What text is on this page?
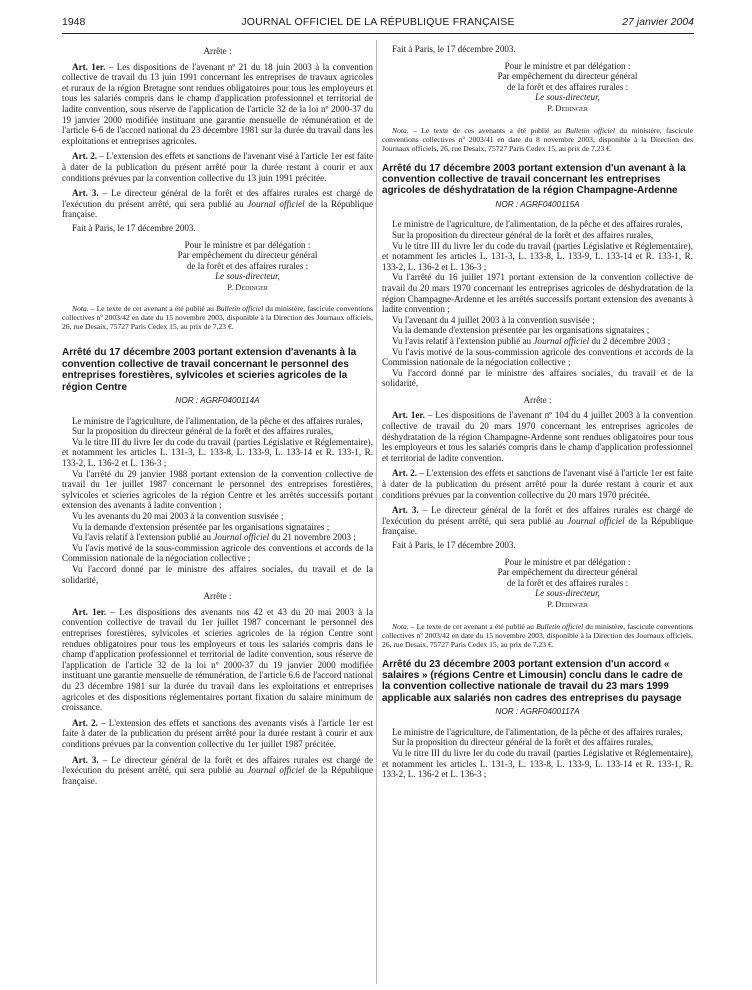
1948	JOURNAL OFFICIEL DE LA RÉPUBLIQUE FRANÇAISE	27 janvier 2004

Arrête :

Art. 1er. – Les dispositions de l'avenant nº 21 du 18 juin 2003 à la convention collective de travail du 13 juin 1991 concernant les entreprises de travaux agricoles et ruraux de la région Bretagne sont rendues obligatoires pour tous les employeurs et tous les salariés compris dans le champ d'application professionnel et territorial de ladite convention, sous réserve de l'application de l'article 32 de la loi nº 2000-37 du 19 janvier 2000 modifiée instituant une garantie mensuelle de rémunération et de l'article 6-6 de l'accord national du 23 décembre 1981 sur la durée du travail dans les exploitations et entreprises agricoles.

Art. 2. – L'extension des effets et sanctions de l'avenant visé à l'article 1er est faite à dater de la publication du présent arrêté pour la durée restant à courir et aux conditions prévues par la convention collective du 13 juin 1991 précitée.

Art. 3. – Le directeur général de la forêt et des affaires rurales est chargé de l'exécution du présent arrêté, qui sera publié au Journal officiel de la République française.

Fait à Paris, le 17 décembre 2003.

Pour le ministre et par délégation :
Par empêchement du directeur général
de la forêt et des affaires rurales :
Le sous-directeur,
P. Dedinger

Nota. – Le texte de cet avenant a été publié au Bulletin officiel du ministère, fascicule conventions collectives nº 2003/42 en date du 15 novembre 2003, disponible à la Direction des Journaux officiels, 26, rue Desaix, 75727 Paris Cedex 15, au prix de 7,23 €.

Arrêté du 17 décembre 2003 portant extension d'avenants à la convention collective de travail concernant le personnel des entreprises forestières, sylvicoles et scieries agricoles de la région Centre
NOR : AGRF0400114A

Le ministre de l'agriculture, de l'alimentation, de la pêche et des affaires rurales,

Sur la proposition du directeur général de la forêt et des affaires rurales,

Vu le titre III du livre Ier du code du travail (parties Législative et Réglementaire), et notamment les articles L. 131-3, L. 133-8, L. 133-9, L. 133-14 et R. 133-1, R. 133-2, L. 136-2 et L. 136-3 ;

Vu l'arrêté du 29 janvier 1988 portant extension de la convention collective de travail du 1er juillet 1987 concernant le personnel des entreprises forestières, sylvicoles et scieries agricoles de la région Centre et les arrêtés successifs portant extension des avenants à ladite convention ;

Vu les avenants du 20 mai 2003 à la convention susvisée ;

Vu la demande d'extension présentée par les organisations signataires ;

Vu l'avis relatif à l'extension publié au Journal officiel du 21 novembre 2003 ;

Vu l'avis motivé de la sous-commission agricole des conventions et accords de la Commission nationale de la négociation collective ;

Vu l'accord donné par le ministre des affaires sociales, du travail et de la solidarité,

Arrête :

Art. 1er. – Les dispositions des avenants nos 42 et 43 du 20 mai 2003 à la convention collective de travail du 1er juillet 1987 concernant le personnel des entreprises forestières, sylvicoles et scieries agricoles de la région Centre sont rendues obligatoires pour tous les employeurs et tous les salariés compris dans le champ d'application professionnel et territorial de ladite convention, sous réserve de l'application de l'article 32 de la loi nº 2000-37 du 19 janvier 2000 modifiée instituant une garantie mensuelle de rémunération, de l'article 6.6 de l'accord national du 23 décembre 1981 sur la durée du travail dans les exploitations et entreprises agricoles et des dispositions réglementaires portant fixation du salaire minimum de croissance.

Art. 2. – L'extension des effets et sanctions des avenants visés à l'article 1er est faite à dater de la publication du présent arrêté pour la durée restant à courir et aux conditions prévues par la convention collective du 1er juillet 1987 précitée.

Art. 3. – Le directeur général de la forêt et des affaires rurales est chargé de l'exécution du présent arrêté, qui sera publié au Journal officiel de la République française.

Fait à Paris, le 17 décembre 2003.

Pour le ministre et par délégation :
Par empêchement du directeur général
de la forêt et des affaires rurales :
Le sous-directeur,
P. Dedinger

Nota. – Le texte de ces avenants a été publié au Bulletin officiel du ministère, fascicule conventions collectives nº 2003/41 en date du 8 novembre 2003, disponible à la Direction des Journaux officiels, 26, rue Desaix, 75727 Paris Cedex 15, au prix de 7,23 €.

Arrêté du 17 décembre 2003 portant extension d'un avenant à la convention collective de travail concernant les entreprises agricoles de déshydratation de la région Champagne-Ardenne
NOR : AGRF0400115A

Le ministre de l'agriculture, de l'alimentation, de la pêche et des affaires rurales,

Sur la proposition du directeur général de la forêt et des affaires rurales,

Vu le titre III du livre Ier du code du travail (parties Législative et Réglementaire), et notamment les articles L. 131-3, L. 133-8, L. 133-9, L. 133-14 et R. 133-1, R. 133-2, L. 136-2 et L. 136-3 ;

Vu l'arrêté du 16 juillet 1971 portant extension de la convention collective de travail du 20 mars 1970 concernant les entreprises agricoles de déshydratation de la région Champagne-Ardenne et les arrêtés successifs portant extension des avenants à ladite convention ;

Vu l'avenant du 4 juillet 2003 à la convention susvisée ;

Vu la demande d'extension présentée par les organisations signataires ;

Vu l'avis relatif à l'extension publié au Journal officiel du 2 décembre 2003 ;

Vu l'avis motivé de la sous-commission agricole des conventions et accords de la Commission nationale de la négociation collective ;

Vu l'accord donné par le ministre des affaires sociales, du travail et de la solidarité,

Arrête :

Art. 1er. – Les dispositions de l'avenant nº 104 du 4 juillet 2003 à la convention collective de travail du 20 mars 1970 concernant les entreprises agricoles de déshydratation de la région Champagne-Ardenne sont rendues obligatoires pour tous les employeurs et tous les salariés compris dans le champ d'application professionnel et territorial de ladite convention.

Art. 2. – L'extension des effets et sanctions de l'avenant visé à l'article 1er est faite à dater de la publication du présent arrêté pour la durée restant à courir et aux conditions prévues par la convention collective du 20 mars 1970 précitée.

Art. 3. – Le directeur général de la forêt et des affaires rurales est chargé de l'exécution du présent arrêté, qui sera publié au Journal officiel de la République française.

Fait à Paris, le 17 décembre 2003.

Pour le ministre et par délégation :
Par empêchement du directeur général
de la forêt et des affaires rurales :
Le sous-directeur,
P. Dedinger

Nota. – Le texte de cet avenant a été publié au Bulletin officiel du ministère, fascicule conventions collectives nº 2003/42 en date du 15 novembre 2003, disponible à la Direction des Journaux officiels, 26, rue Desaix, 75727 Paris Cedex 15, au prix de 7,23 €.

Arrêté du 23 décembre 2003 portant extension d'un accord « salaires » (régions Centre et Limousin) conclu dans le cadre de la convention collective nationale de travail du 23 mars 1999 applicable aux salariés non cadres des entreprises du paysage
NOR : AGRF0400117A

Le ministre de l'agriculture, de l'alimentation, de la pêche et des affaires rurales,

Sur la proposition du directeur général de la forêt et des affaires rurales,

Vu le titre III du livre Ier du code du travail (parties Législative et Réglementaire), et notamment les articles L. 131-3, L. 133-8, L. 133-9, L. 133-14 et R. 133-1, R. 133-2, L. 136-2 et L. 136-3 ;
